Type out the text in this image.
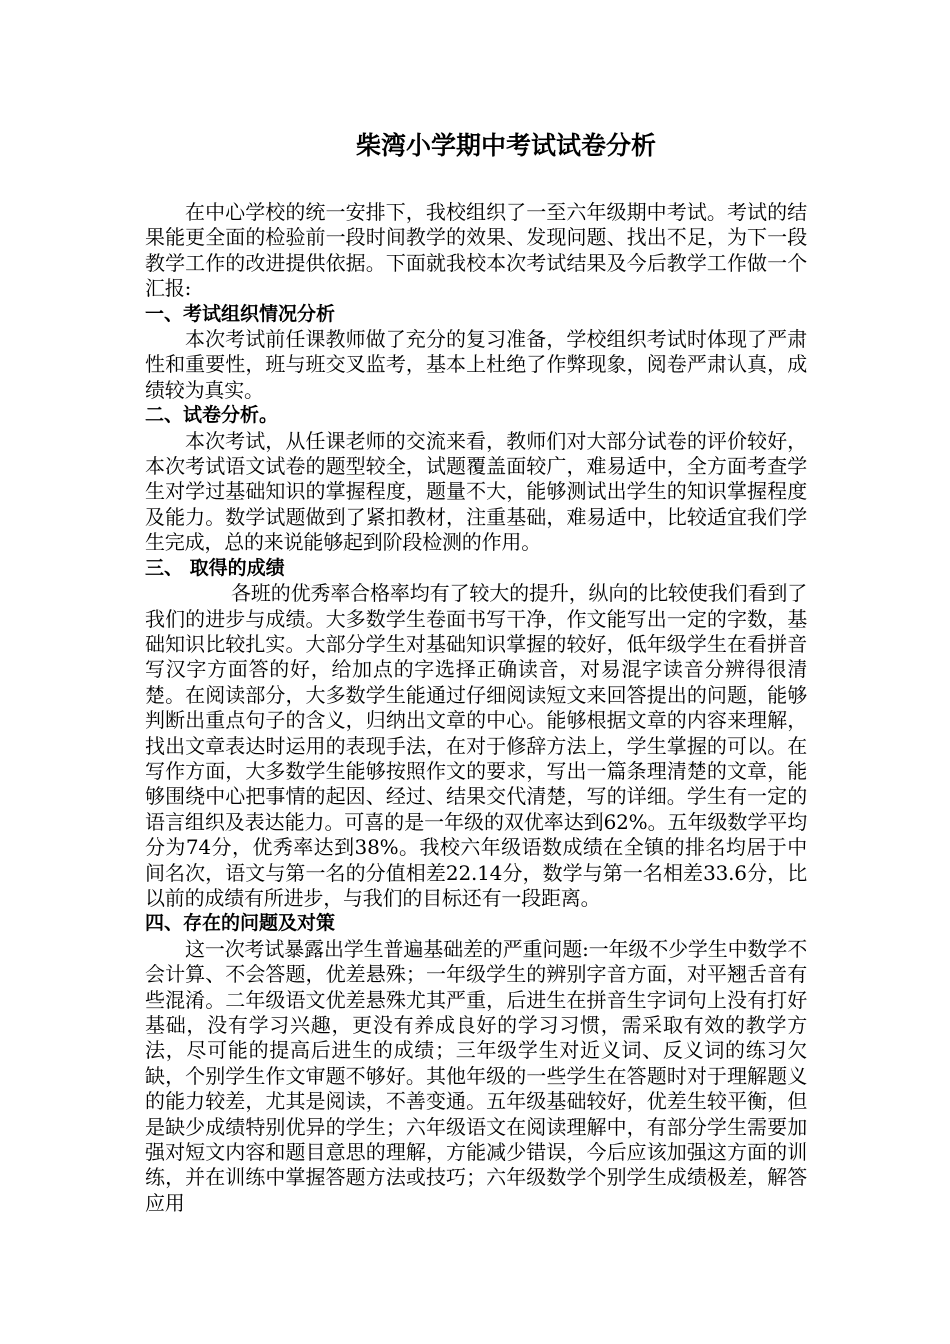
柴湾小学期中考试试卷分析

在中心学校的统一安排下，我校组织了一至六年级期中考试。考试的结果能更全面的检验前一段时间教学的效果、发现问题、找出不足，为下一段教学工作的改进提供依据。下面就我校本次考试结果及今后教学工作做一个汇报:

一、考试组织情况分析

本次考试前任课教师做了充分的复习准备，学校组织考试时体现了严肃性和重要性，班与班交叉监考，基本上杜绝了作弊现象，阅卷严肃认真，成绩较为真实。

二、试卷分析。

本次考试，从任课老师的交流来看，教师们对大部分试卷的评价较好，本次考试语文试卷的题型较全，试题覆盖面较广，难易适中，全方面考查学生对学过基础知识的掌握程度，题量不大，能够测试出学生的知识掌握程度及能力。数学试题做到了紧扣教材，注重基础，难易适中，比较适宜我们学生完成，总的来说能够起到阶段检测的作用。

三、 取得的成绩

各班的优秀率合格率均有了较大的提升，纵向的比较使我们看到了我们的进步与成绩。大多数学生卷面书写干净，作文能写出一定的字数，基础知识比较扎实。大部分学生对基础知识掌握的较好，低年级学生在看拼音写汉字方面答的好，给加点的字选择正确读音，对易混字读音分辨得很清楚。在阅读部分，大多数学生能通过仔细阅读短文来回答提出的问题，能够判断出重点句子的含义，归纳出文章的中心。能够根据文章的内容来理解，找出文章表达时运用的表现手法，在对于修辞方法上，学生掌握的可以。在写作方面，大多数学生能够按照作文的要求，写出一篇条理清楚的文章，能够围绕中心把事情的起因、经过、结果交代清楚，写的详细。学生有一定的语言组织及表达能力。可喜的是一年级的双优率达到62%。五年级数学平均分为74分，优秀率达到38%。我校六年级语数成绩在全镇的排名均居于中间名次，语文与第一名的分值相差22.14分，数学与第一名相差33.6分，比以前的成绩有所进步，与我们的目标还有一段距离。

四、存在的问题及对策

这一次考试暴露出学生普遍基础差的严重问题:一年级不少学生中数学不会计算、不会答题，优差悬殊；一年级学生的辨别字音方面，对平翘舌音有些混淆。二年级语文优差悬殊尤其严重，后进生在拼音生字词句上没有打好基础，没有学习兴趣，更没有养成良好的学习习惯，需采取有效的教学方法，尽可能的提高后进生的成绩；三年级学生对近义词、反义词的练习欠缺，个别学生作文审题不够好。其他年级的一些学生在答题时对于理解题义的能力较差，尤其是阅读，不善变通。五年级基础较好，优差生较平衡，但是缺少成绩特别优异的学生；六年级语文在阅读理解中，有部分学生需要加强对短文内容和题目意思的理解，方能减少错误，今后应该加强这方面的训练，并在训练中掌握答题方法或技巧；六年级数学个别学生成绩极差，解答应用
